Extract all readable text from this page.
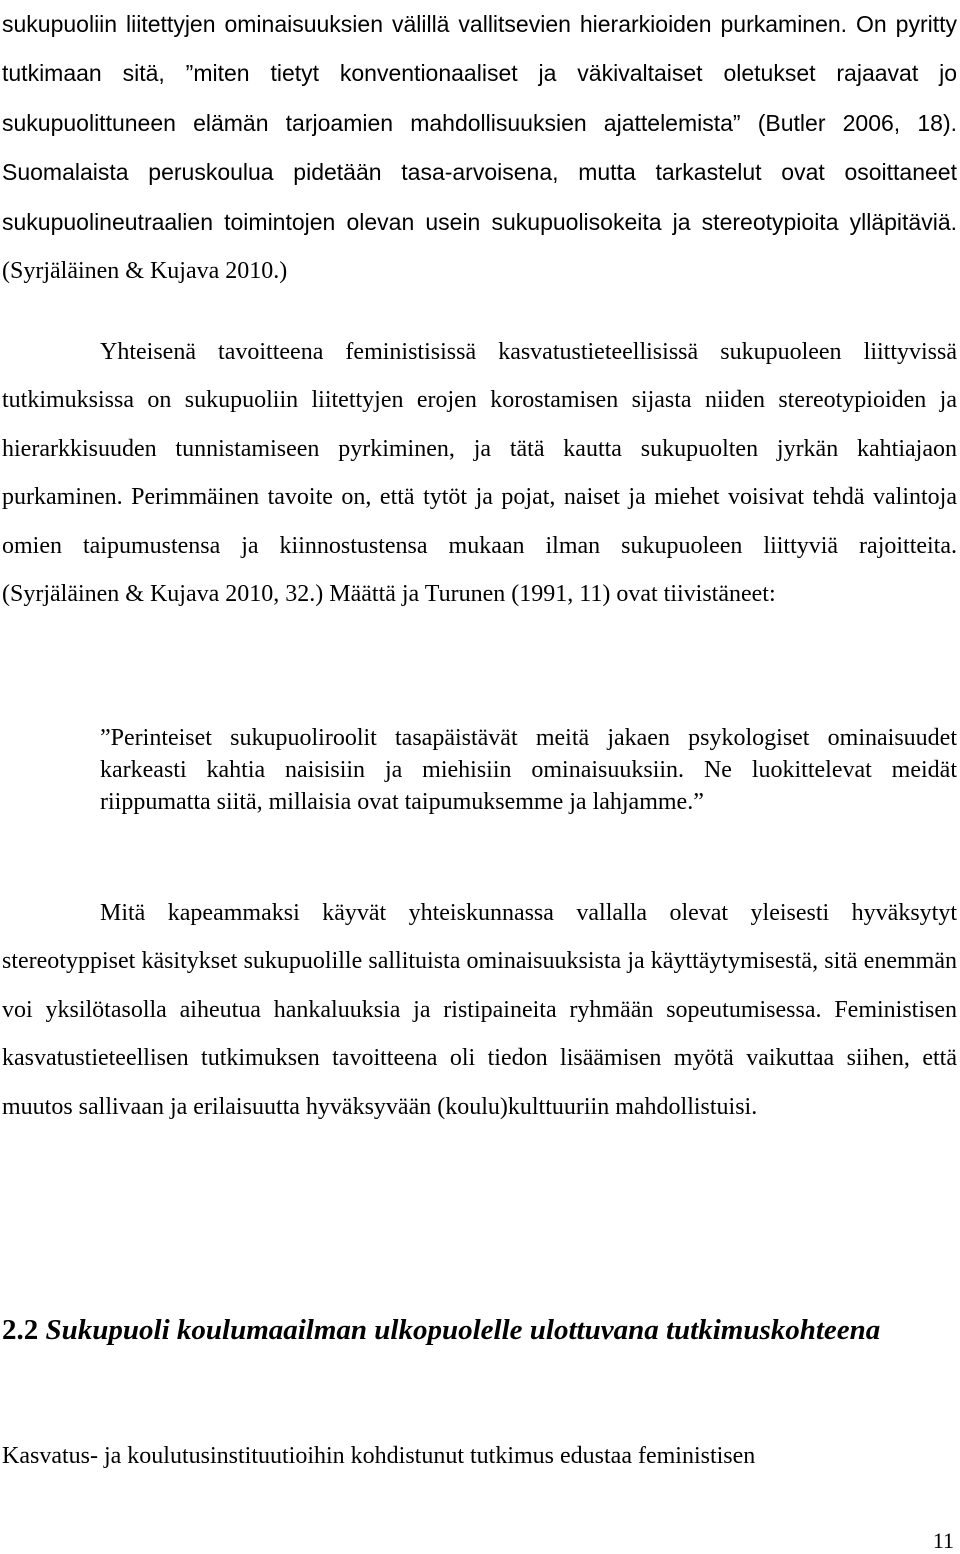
sukupuoliin liitettyjen ominaisuuksien välillä vallitsevien hierarkioiden purkaminen. On pyritty tutkimaan sitä, ”miten tietyt konventionaaliset ja väkivaltaiset oletukset rajaavat jo sukupuolittuneen elämän tarjoamien mahdollisuuksien ajattelemista” (Butler 2006, 18). Suomalaista peruskoulua pidetään tasa-arvoisena, mutta tarkastelut ovat osoittaneet sukupuolineutraalien toimintojen olevan usein sukupuolisokeita ja stereotypioita ylläpitäviä. (Syrjäläinen & Kujava 2010.)

Yhteisenä tavoitteena feministisissä kasvatustieteellisissä sukupuoleen liittyvissä tutkimuksissa on sukupuoliin liitettyjen erojen korostamisen sijasta niiden stereotypioiden ja hierarkkisuuden tunnistamiseen pyrkiminen, ja tätä kautta sukupuolten jyrkän kahtiajaon purkaminen. Perimmäinen tavoite on, että tytöt ja pojat, naiset ja miehet voisivat tehdä valintoja omien taipumustensa ja kiinnostustensa mukaan ilman sukupuoleen liittyviä rajoitteita. (Syrjäläinen & Kujava 2010, 32.) Määttä ja Turunen (1991, 11) ovat tiivistäneet:

”Perinteiset sukupuoliroolit tasapäistävät meitä jakaen psykologiset ominaisuudet karkeasti kahtia naisisiin ja miehisiin ominaisuuksiin. Ne luokittelevat meidät riippumatta siitä, millaisia ovat taipumuksemme ja lahjamme.”

Mitä kapeammaksi käyvät yhteiskunnassa vallalla olevat yleisesti hyväksytyt stereotyppiset käsitykset sukupuolille sallituista ominaisuuksista ja käyttäytymisestä, sitä enemmän voi yksilötasolla aiheutua hankaluuksia ja ristipaineita ryhmään sopeutumisessa. Feministisen kasvatustieteellisen tutkimuksen tavoitteena oli tiedon lisäämisen myötä vaikuttaa siihen, että muutos sallivaan ja erilaisuutta hyväksyvään (koulu)kulttuuriin mahdollistuisi.

2.2 Sukupuoli koulumaailman ulkopuolelle ulottuvana tutkimuskohteena

Kasvatus- ja koulutusinstituutioihin kohdistunut tutkimus edustaa feministisen

11
